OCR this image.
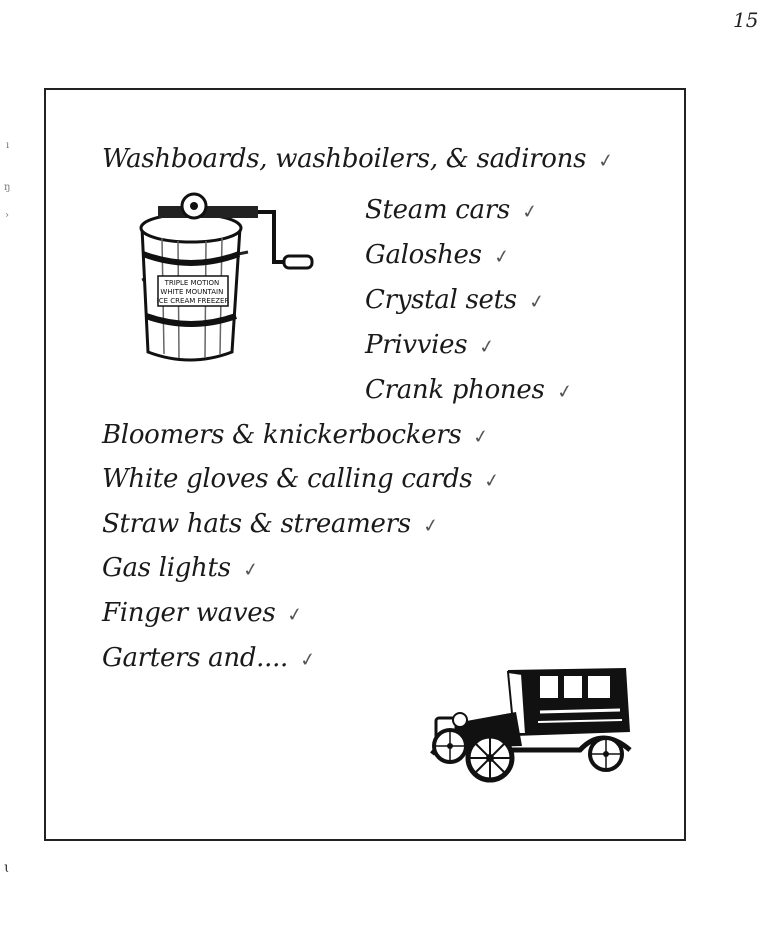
15
ı
ŋ
›
ɩ
Washboards, washboilers, & sadirons ✓
Steam cars ✓
Galoshes ✓
Crystal sets ✓
Privvies ✓
Crank phones ✓
Bloomers & knickerbockers ✓
White gloves & calling cards ✓
Straw hats & streamers ✓
Gas lights ✓
Finger waves ✓
Garters and.... ✓
TRIPLE MOTION WHITE MOUNTAIN ICE CREAM FREEZER
